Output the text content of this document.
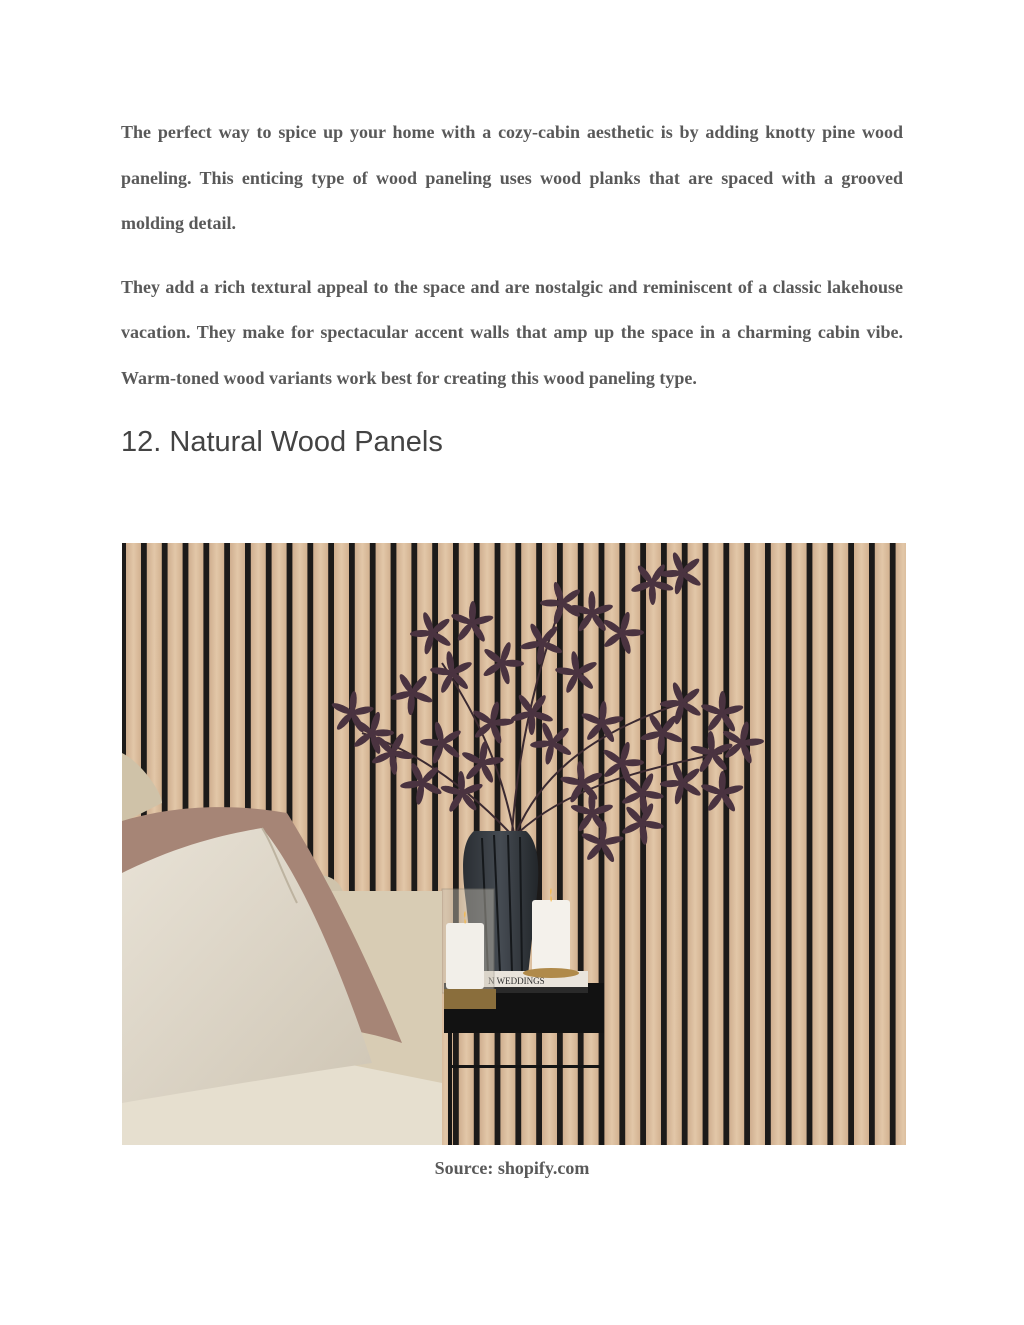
The perfect way to spice up your home with a cozy-cabin aesthetic is by adding knotty pine wood paneling. This enticing type of wood paneling uses wood planks that are spaced with a grooved molding detail.

They add a rich textural appeal to the space and are nostalgic and reminiscent of a classic lakehouse vacation. They make for spectacular accent walls that amp up the space in a charming cabin vibe. Warm-toned wood variants work best for creating this wood paneling type.

12. Natural Wood Panels
N WEDDINGS
Source: shopify.com
